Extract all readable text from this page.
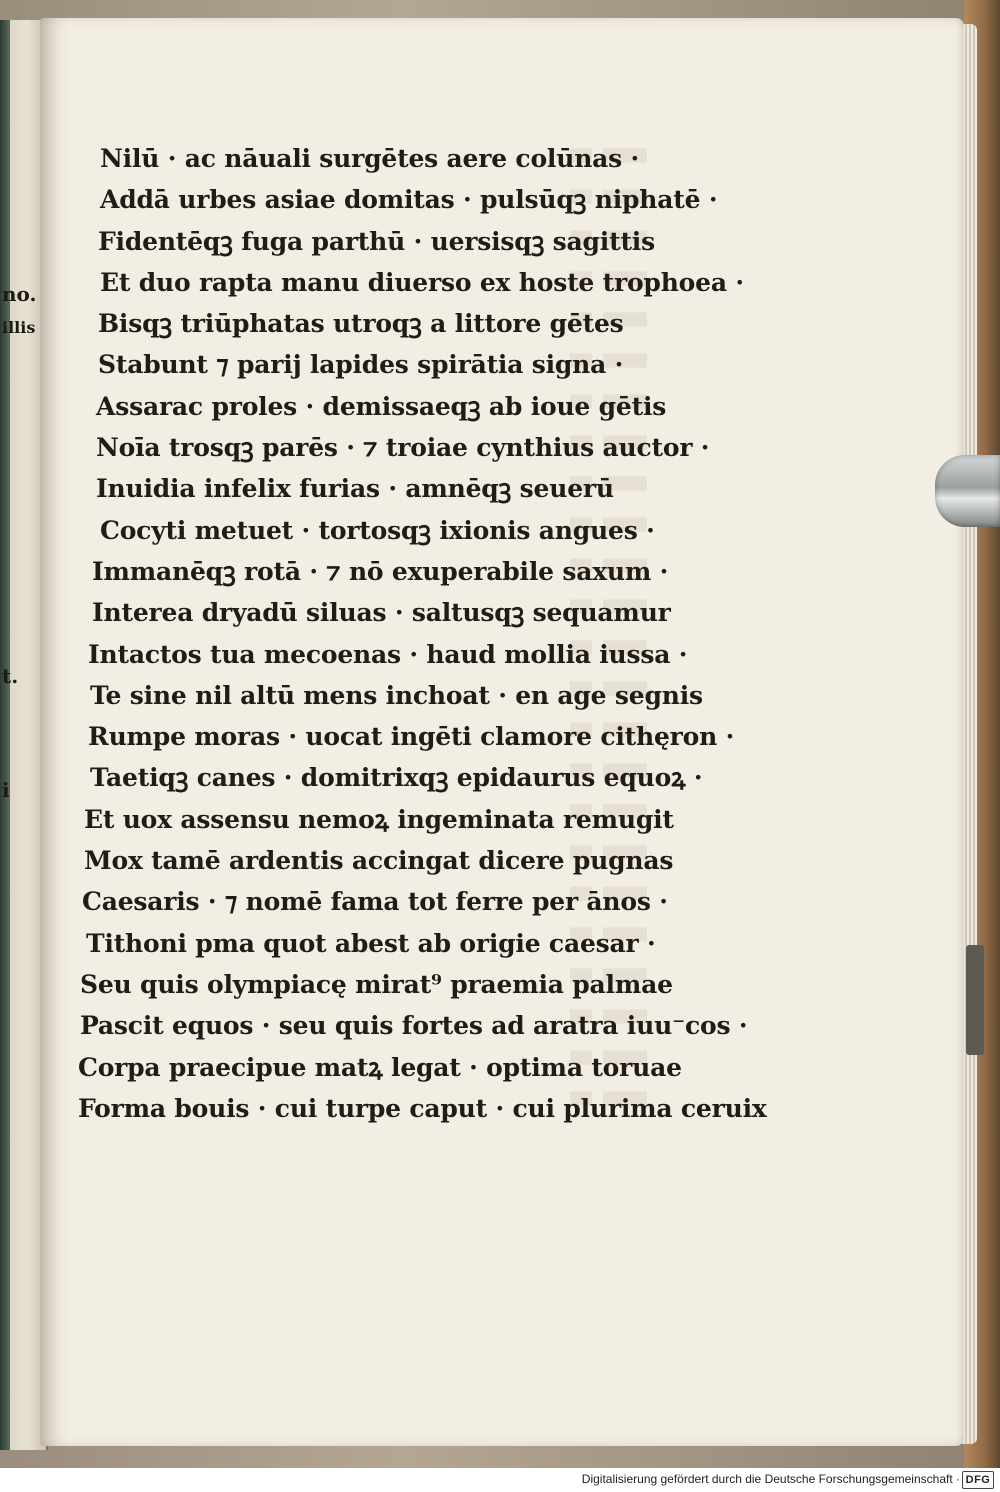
no.
illis
t.
i
Nilū · ac nāuali surgētes aere colūnas ·
Addā urbes asiae domitas · pulsūqꝫ niphatē ·
Fidentēqꝫ fuga parthū · uersisqꝫ sagittis
Et duo rapta manu diuerso ex hoste trophoea ·
Bisqꝫ triūphatas utroqꝫ a littore gētes
Stabunt ⁊ parij lapides spirātia signa ·
Assarac proles · demissaeqꝫ ab ioue gētis
Noīa trosqꝫ parēs · ⁊ troiae cynthius auctor ·
Inuidia infelix furias · amnēqꝫ seuerū
Cocyti metuet · tortosqꝫ ixionis angues ·
Immanēqꝫ rotā · ⁊ nō exuperabile saxum ·
Interea dryadū siluas · saltusqꝫ sequamur
Intactos tua mecoenas · haud mollia iussa ·
Te sine nil altū mens inchoat · en age segnis
Rumpe moras · uocat ingēti clamore cithęron ·
Taetiqꝫ canes · domitrixqꝫ epidaurus equoꝝ ·
Et uox assensu nemoꝝ ingeminata remugit
Mox tamē ardentis accingat dicere pugnas
Caesaris · ⁊ nomē fama tot ferre per ānos ·
Tithoni pma quot abest ab origie caesar ·
Seu quis olympiacę mirat⁹ praemia palmae
Pascit equos · seu quis fortes ad aratra iuu⁻cos ·
Corpa praecipue matꝝ legat · optima toruae
Forma bouis · cui turpe caput · cui plurima ceruix
Digitalisierung gefördert durch die Deutsche Forschungsgemeinschaft · DFG
